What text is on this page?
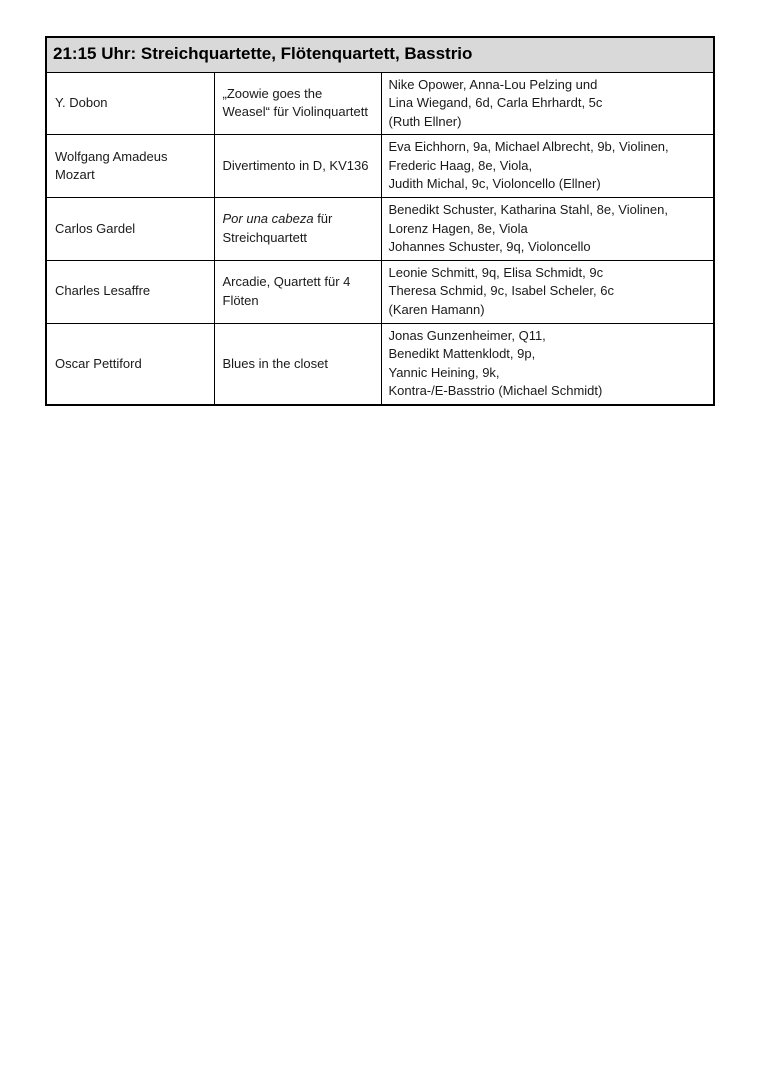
21:15 Uhr: Streichquartette, Flötenquartett, Basstrio		
Y. Dobon	„Zoowie goes the Weasel“ für Violinquartett	Nike Opower, Anna-Lou Pelzing und
Lina Wiegand, 6d, Carla Ehrhardt, 5c
(Ruth Ellner)

Wolfgang Amadeus Mozart	Divertimento in D, KV136	Eva Eichhorn, 9a, Michael Albrecht, 9b, Violinen,
Frederic Haag, 8e, Viola,
Judith Michal, 9c, Violoncello (Ellner)

Carlos Gardel	Por una cabeza für Streichquartett	Benedikt Schuster, Katharina Stahl, 8e, Violinen, Lorenz Hagen, 8e, Viola
Johannes Schuster, 9q, Violoncello

Charles Lesaffre	Arcadie, Quartett für 4 Flöten	Leonie Schmitt, 9q, Elisa Schmidt, 9c
Theresa Schmid, 9c, Isabel Scheler, 6c
(Karen Hamann)

Oscar Pettiford	Blues in the closet	Jonas Gunzenheimer, Q11,
Benedikt Mattenklodt, 9p,
Yannic Heining, 9k,
Kontra-/E-Basstrio (Michael Schmidt)
